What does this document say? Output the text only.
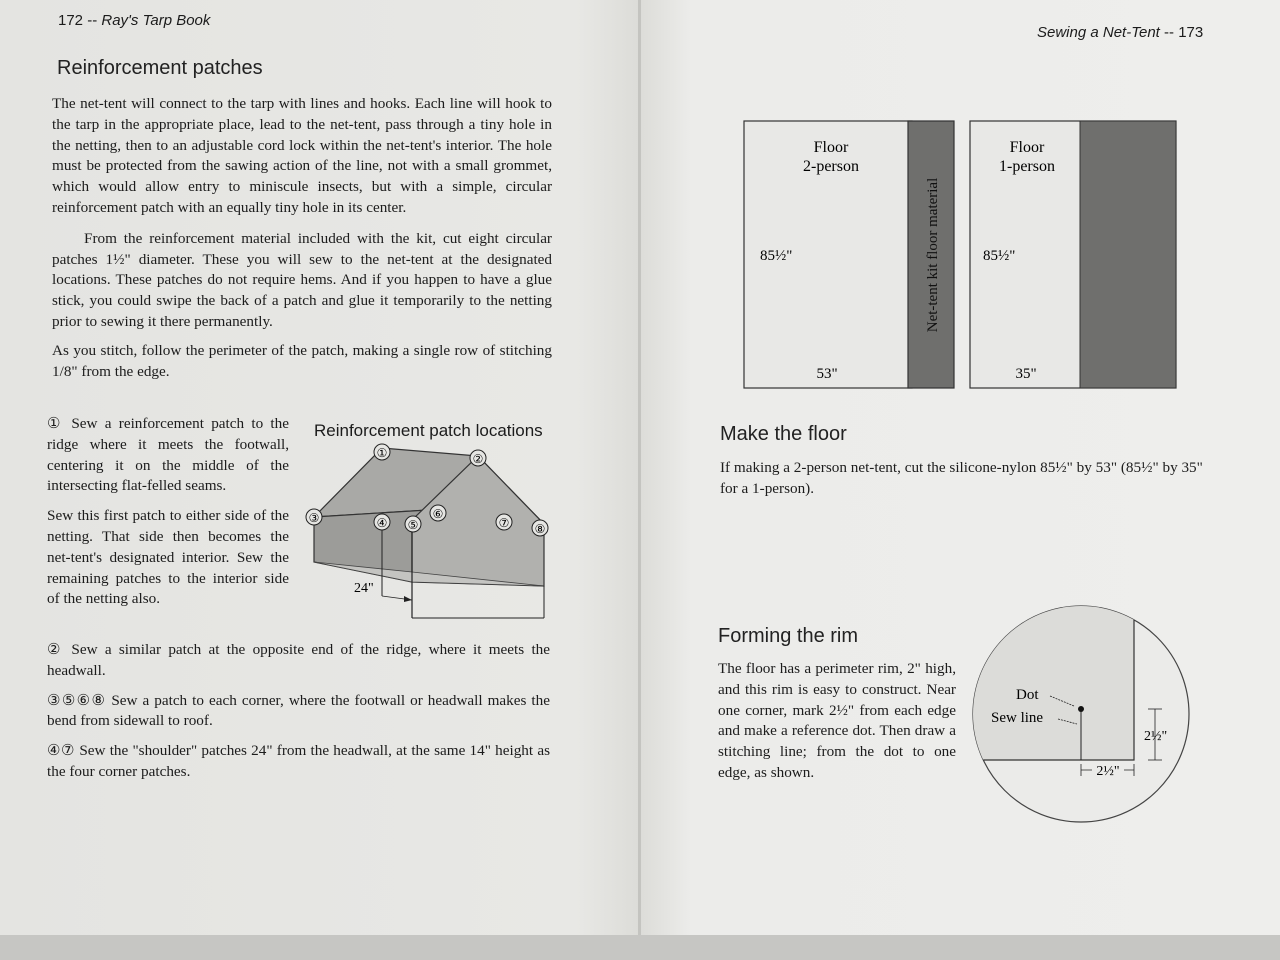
172 -- Ray's Tarp Book
Reinforcement patches

The net-tent will connect to the tarp with lines and hooks. Each line will hook to the tarp in the appropriate place, lead to the net-tent, pass through a tiny hole in the netting, then to an adjustable cord lock within the net-tent's interior. The hole must be protected from the sawing action of the line, not with a small grommet, which would allow entry to miniscule insects, but with a simple, circular reinforcement patch with an equally tiny hole in its center.

From the reinforcement material included with the kit, cut eight circular patches 1½" diameter. These you will sew to the net-tent at the designated locations. These patches do not require hems. And if you happen to have a glue stick, you could swipe the back of a patch and glue it temporarily to the netting prior to sewing it there permanently.

As you stitch, follow the perimeter of the patch, making a single row of stitching 1/8" from the edge.

① Sew a reinforcement patch to the ridge where it meets the footwall, centering it on the middle of the intersecting flat-felled seams.

Sew this first patch to either side of the netting. That side then becomes the net-tent's designated interior. Sew the remaining patches to the interior side of the netting also.

Reinforcement patch locations
①	②
③	④ ⑤
⑥
⑦ ⑧
24"

② Sew a similar patch at the opposite end of the ridge, where it meets the headwall.

③⑤⑥⑧ Sew a patch to each corner, where the footwall or headwall makes the bend from sidewall to roof.

④⑦ Sew the "shoulder" patches 24" from the headwall, at the same 14" height as the four corner patches.

Sewing a Net-Tent -- 173
Floor
2-person
85½"
53"
Net-tent kit floor material
Floor
1-person
85½"
35"
Make the floor
If making a 2-person net-tent, cut the silicone-nylon 85½" by 53" (85½" by 35" for a 1-person).
Forming the rim
The floor has a perimeter rim, 2" high, and this rim is easy to construct. Near one corner, mark 2½" from each edge and make a reference dot. Then draw a stitching line; from the dot to one edge, as shown.
Dot
Sew line
2½"
2½"
